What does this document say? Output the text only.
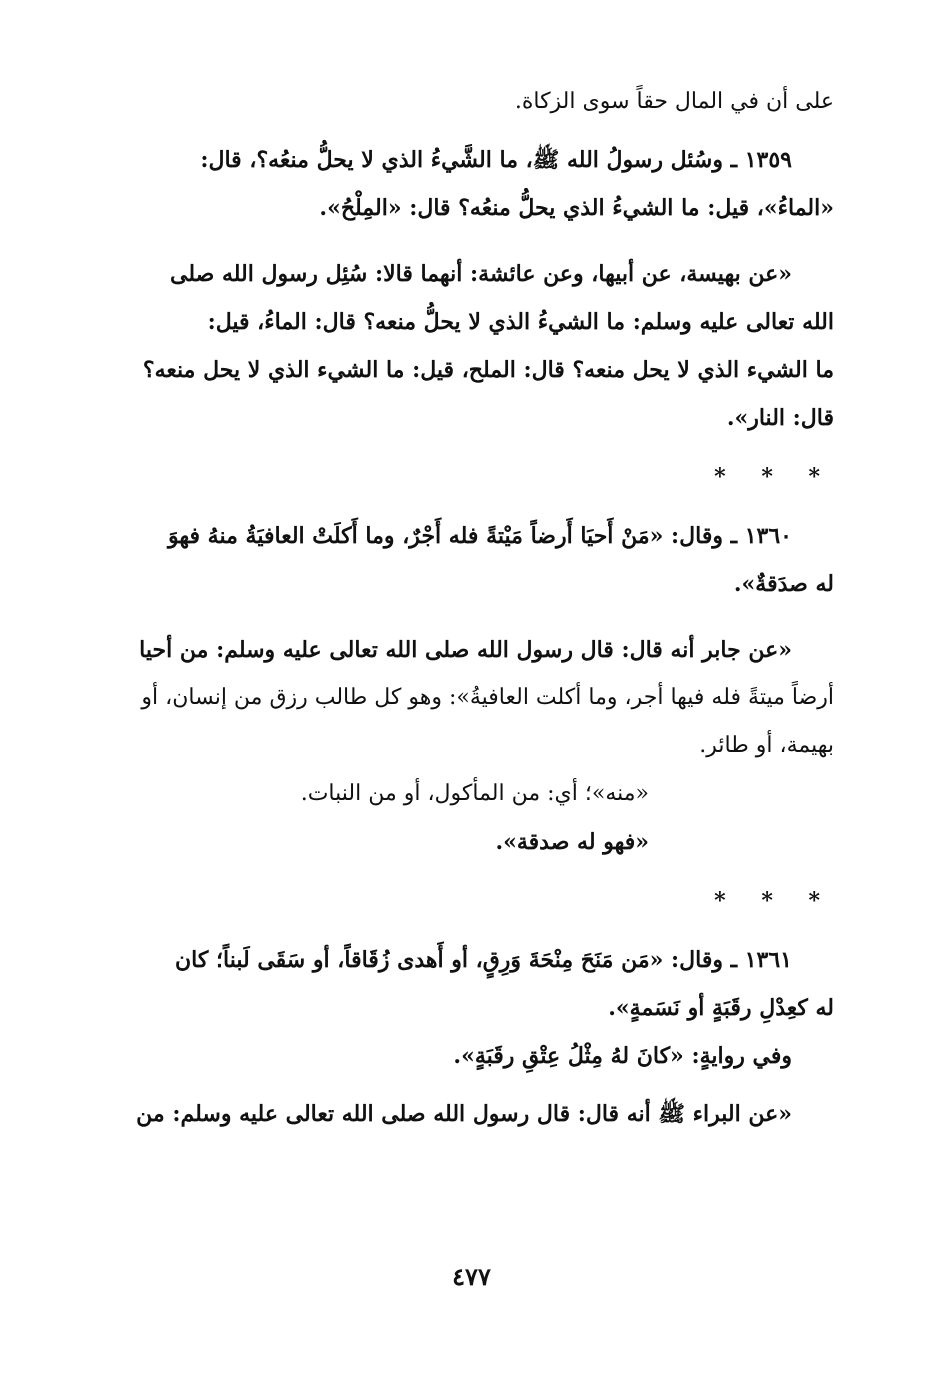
على أن في المال حقاً سوى الزكاة.
١٣٥٩ ـ وسُئل رسولُ الله ﷺ، ما الشَّيءُ الذي لا يحلُّ منعُه؟، قال:
«الماءُ»، قيل: ما الشيءُ الذي يحلُّ منعُه؟ قال: «المِلْحُ».
«عن بهيسة، عن أبيها، وعن عائشة: أنهما قالا: سُئِل رسول الله صلى
الله تعالى عليه وسلم: ما الشيءُ الذي لا يحلُّ منعه؟ قال: الماءُ، قيل:
ما الشيء الذي لا يحل منعه؟ قال: الملح، قيل: ما الشيء الذي لا يحل منعه؟
قال: النار».
* * *
١٣٦٠ ـ وقال: «مَنْ أَحيَا أَرضاً مَيْتةً فله أَجْرٌ، وما أَكلَتْ العافيَةُ منهُ فهوَ
له صدَقةٌ».
«عن جابر أنه قال: قال رسول الله صلى الله تعالى عليه وسلم: من أحيا
أرضاً ميتةً فله فيها أجر، وما أكلت العافيةُ»: وهو كل طالب رزق من إنسان، أو
بهيمة، أو طائر.
«منه»؛ أي: من المأكول، أو من النبات.
«فهو له صدقة».
* * *
١٣٦١ ـ وقال: «مَن مَنَحَ مِنْحَةَ وَرِقٍ، أو أَهدى زُقَاقاً، أو سَقَى لَبناً؛ كان
له كعِدْلِ رقَبَةٍ أو نَسَمةٍ».
وفي روايةٍ: «كانَ لهُ مِثْلُ عِتْقِ رقَبَةٍ».
«عن البراء ﷺ أنه قال: قال رسول الله صلى الله تعالى عليه وسلم: من
٤٧٧
